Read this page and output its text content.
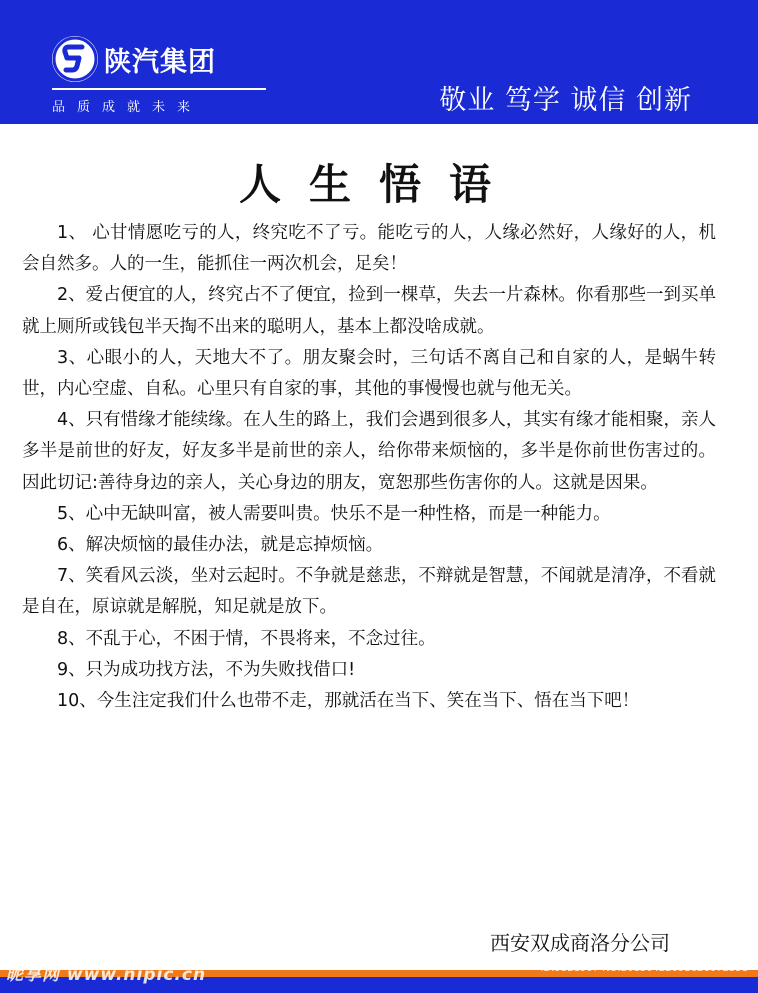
陕汽集团
品质成就未来	敬业 笃学 诚信 创新
人生悟语

1、 心甘情愿吃亏的人，终究吃不了亏。能吃亏的人，人缘必然好，人缘好的人，机会自然多。人的一生，能抓住一两次机会，足矣！

2、爱占便宜的人，终究占不了便宜，捡到一棵草，失去一片森林。你看那些一到买单就上厕所或钱包半天掏不出来的聪明人，基本上都没啥成就。

3、心眼小的人，天地大不了。朋友聚会时，三句话不离自己和自家的人，是蜗牛转世，内心空虚、自私。心里只有自家的事，其他的事慢慢也就与他无关。

4、只有惜缘才能续缘。在人生的路上，我们会遇到很多人，其实有缘才能相聚，亲人多半是前世的好友，好友多半是前世的亲人，给你带来烦恼的，多半是你前世伤害过的。因此切记:善待身边的亲人，关心身边的朋友，宽恕那些伤害你的人。这就是因果。

5、心中无缺叫富，被人需要叫贵。快乐不是一种性格，而是一种能力。

6、解决烦恼的最佳办法，就是忘掉烦恼。

7、笑看风云淡，坐对云起时。不争就是慈悲，不辩就是智慧，不闻就是清净，不看就是自在，原谅就是解脱，知足就是放下。

8、不乱于心，不困于情，不畏将来，不念过往。

9、只为成功找方法，不为失败找借口!

10、今生注定我们什么也带不走，那就活在当下、笑在当下、悟在当下吧！

西安双成商洛分公司
昵享网 www.nipic.cn	ID:9321907 NO:20130422092626072351
